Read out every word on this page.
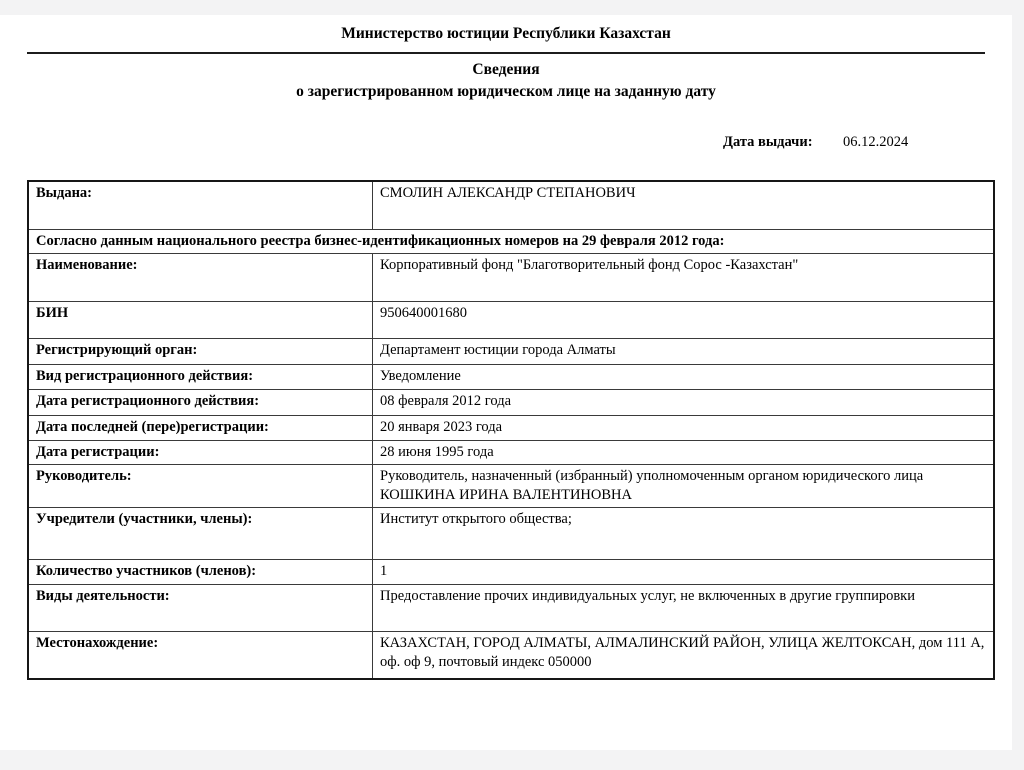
Министерство юстиции Республики Казахстан
Сведения
о зарегистрированном юридическом лице на заданную дату
Дата выдачи: 06.12.2024
Выдана:	СМОЛИН АЛЕКСАНДР СТЕПАНОВИЧ
Согласно данным национального реестра бизнес-идентификационных номеров на 29 февраля 2012 года:	
Наименование:	Корпоративный фонд "Благотворительный фонд Сорос -Казахстан"
БИН	950640001680
Регистрирующий орган:	Департамент юстиции города Алматы
Вид регистрационного действия:	Уведомление
Дата регистрационного действия:	08 февраля 2012 года
Дата последней (пере)регистрации:	20 января 2023 года
Дата регистрации:	28 июня 1995 года
Руководитель:	Руководитель, назначенный (избранный) уполномоченным органом юридического лица
КОШКИНА ИРИНА ВАЛЕНТИНОВНА

Учредители (участники, члены):	Институт открытого общества;
Количество участников (членов):	1
Виды деятельности:	Предоставление прочих индивидуальных услуг, не включенных в другие группировки
Местонахождение:	КАЗАХСТАН, ГОРОД АЛМАТЫ, АЛМАЛИНСКИЙ РАЙОН, УЛИЦА ЖЕЛТОКСАН, дом 111 А, оф. оф 9, почтовый индекс 050000
